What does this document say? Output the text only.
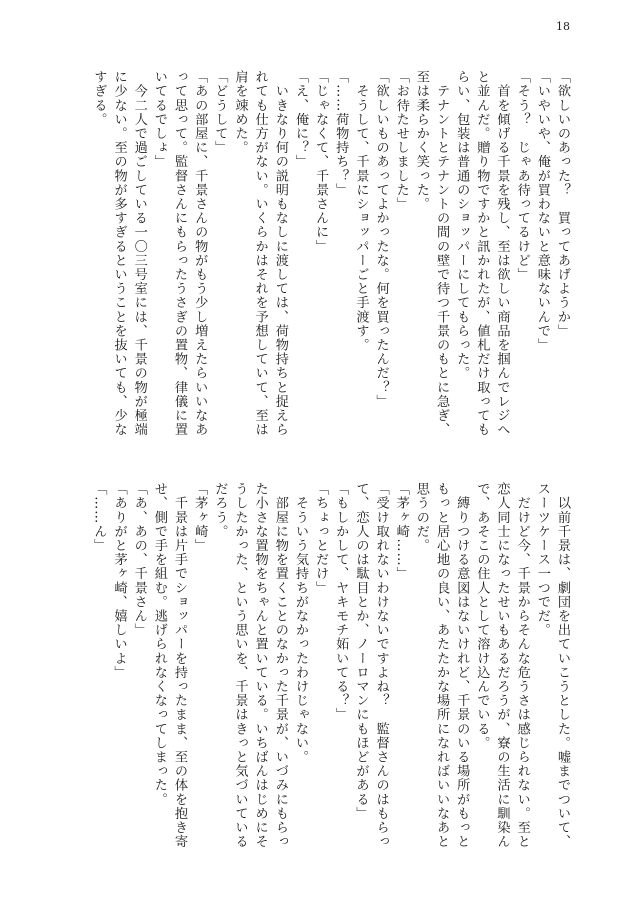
18
「欲しいのあった？　買ってあげようか」
「いやいや、俺が買わないと意味ないんで」
「そう？　じゃあ待ってるけど」
　首を傾げる千景を残し、至は欲しい商品を掴んでレジへ
と並んだ。贈り物ですかと訊かれたが、値札だけ取っても
らい、包装は普通のショッパーにしてもらった。
　テナントとテナントの間の壁で待つ千景のもとに急ぎ、
至は柔らかく笑った。
「お待たせしました」
「欲しいものあってよかったな。何を買ったんだ？」
　そうして、千景にショッパーごと手渡す。
「……荷物持ち？」
「じゃなくて、千景さんに」
「え、俺に？」
　いきなり何の説明もなしに渡しては、荷物持ちと捉えら
れても仕方がない。いくらかはそれを予想していて、至は
肩を竦めた。
「どうして」
「あの部屋に、千景さんの物がもう少し増えたらいいなあ
って思って。監督さんにもらったうさぎの置物、律儀に置
いてるでしょ」
　今二人で過ごしている一〇三号室には、千景の物が極端
に少ない。至の物が多すぎるということを抜いても、少な
すぎる。
　以前千景は、劇団を出ていこうとした。嘘までついて、
スーツケース一つでだ。
　だけど今、千景からそんな危うさは感じられない。至と
恋人同士になったせいもあるだろうが、寮の生活に馴染ん
で、あそこの住人として溶け込んでいる。
　縛りつける意図はないけれど、千景のいる場所がもっと
もっと居心地の良い、あたたかな場所になればいいなあと
思うのだ。
「茅ヶ崎……」
「受け取れないわけないですよね？　監督さんのはもらっ
て、恋人のは駄目とか、ノーロマンにもほどがある」
「もしかして、ヤキモチ妬いてる？」
「ちょっとだけ」
　そういう気持ちがなかったわけじゃない。
　部屋に物を置くことのなかった千景が、いづみにもらっ
た小さな置物をちゃんと置いている。いちばんはじめにそ
うしたかった、という思いを、千景はきっと気づいている
だろう。
「茅ヶ崎」
　千景は片手でショッパーを持ったまま、至の体を抱き寄
せ、側で手を組む。逃げられなくなってしまった。
「あ、あの、千景さん」
「ありがと茅ヶ崎、嬉しいよ」
「……ん」
